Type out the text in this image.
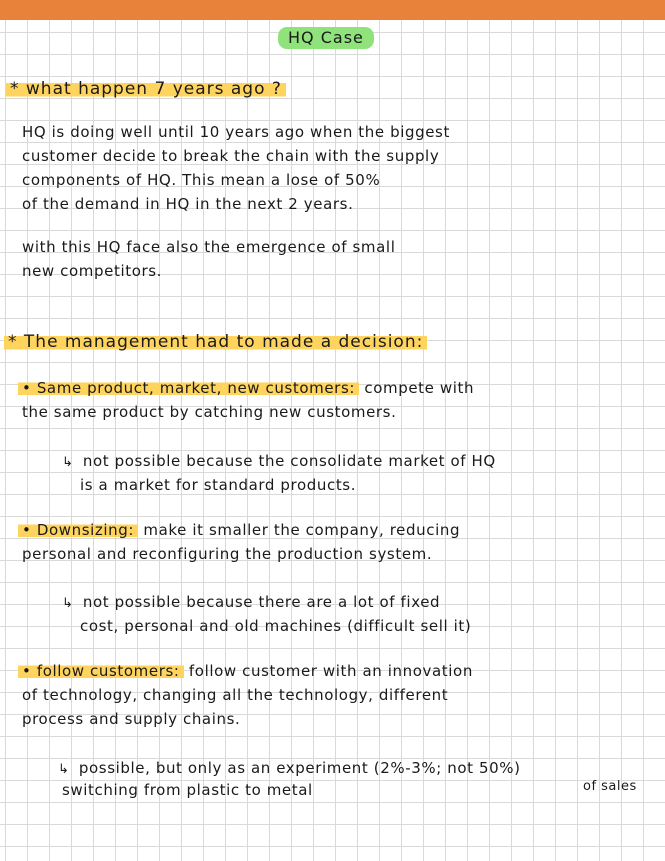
HQ Case
* what happen 7 years ago ?
HQ is doing well until 10 years ago when the biggest
customer decide to break the chain with the supply
components of HQ. This mean a lose of 50%
of the demand in HQ in the next 2 years.
with this HQ face also the emergence of small
new competitors.
* The management had to made a decision:
• Same product, market, new customers: compete with
the same product by catching new customers.
↳ not possible because the consolidate market of HQ
is a market for standard products.
• Downsizing: make it smaller the company, reducing
personal and reconfiguring the production system.
↳ not possible because there are a lot of fixed
cost, personal and old machines (difficult sell it)
• follow customers: follow customer with an innovation
of technology, changing all the technology, different
process and supply chains.
↳ possible, but only as an experiment (2%-3%; not 50%)
switching from plastic to metal	of sales
